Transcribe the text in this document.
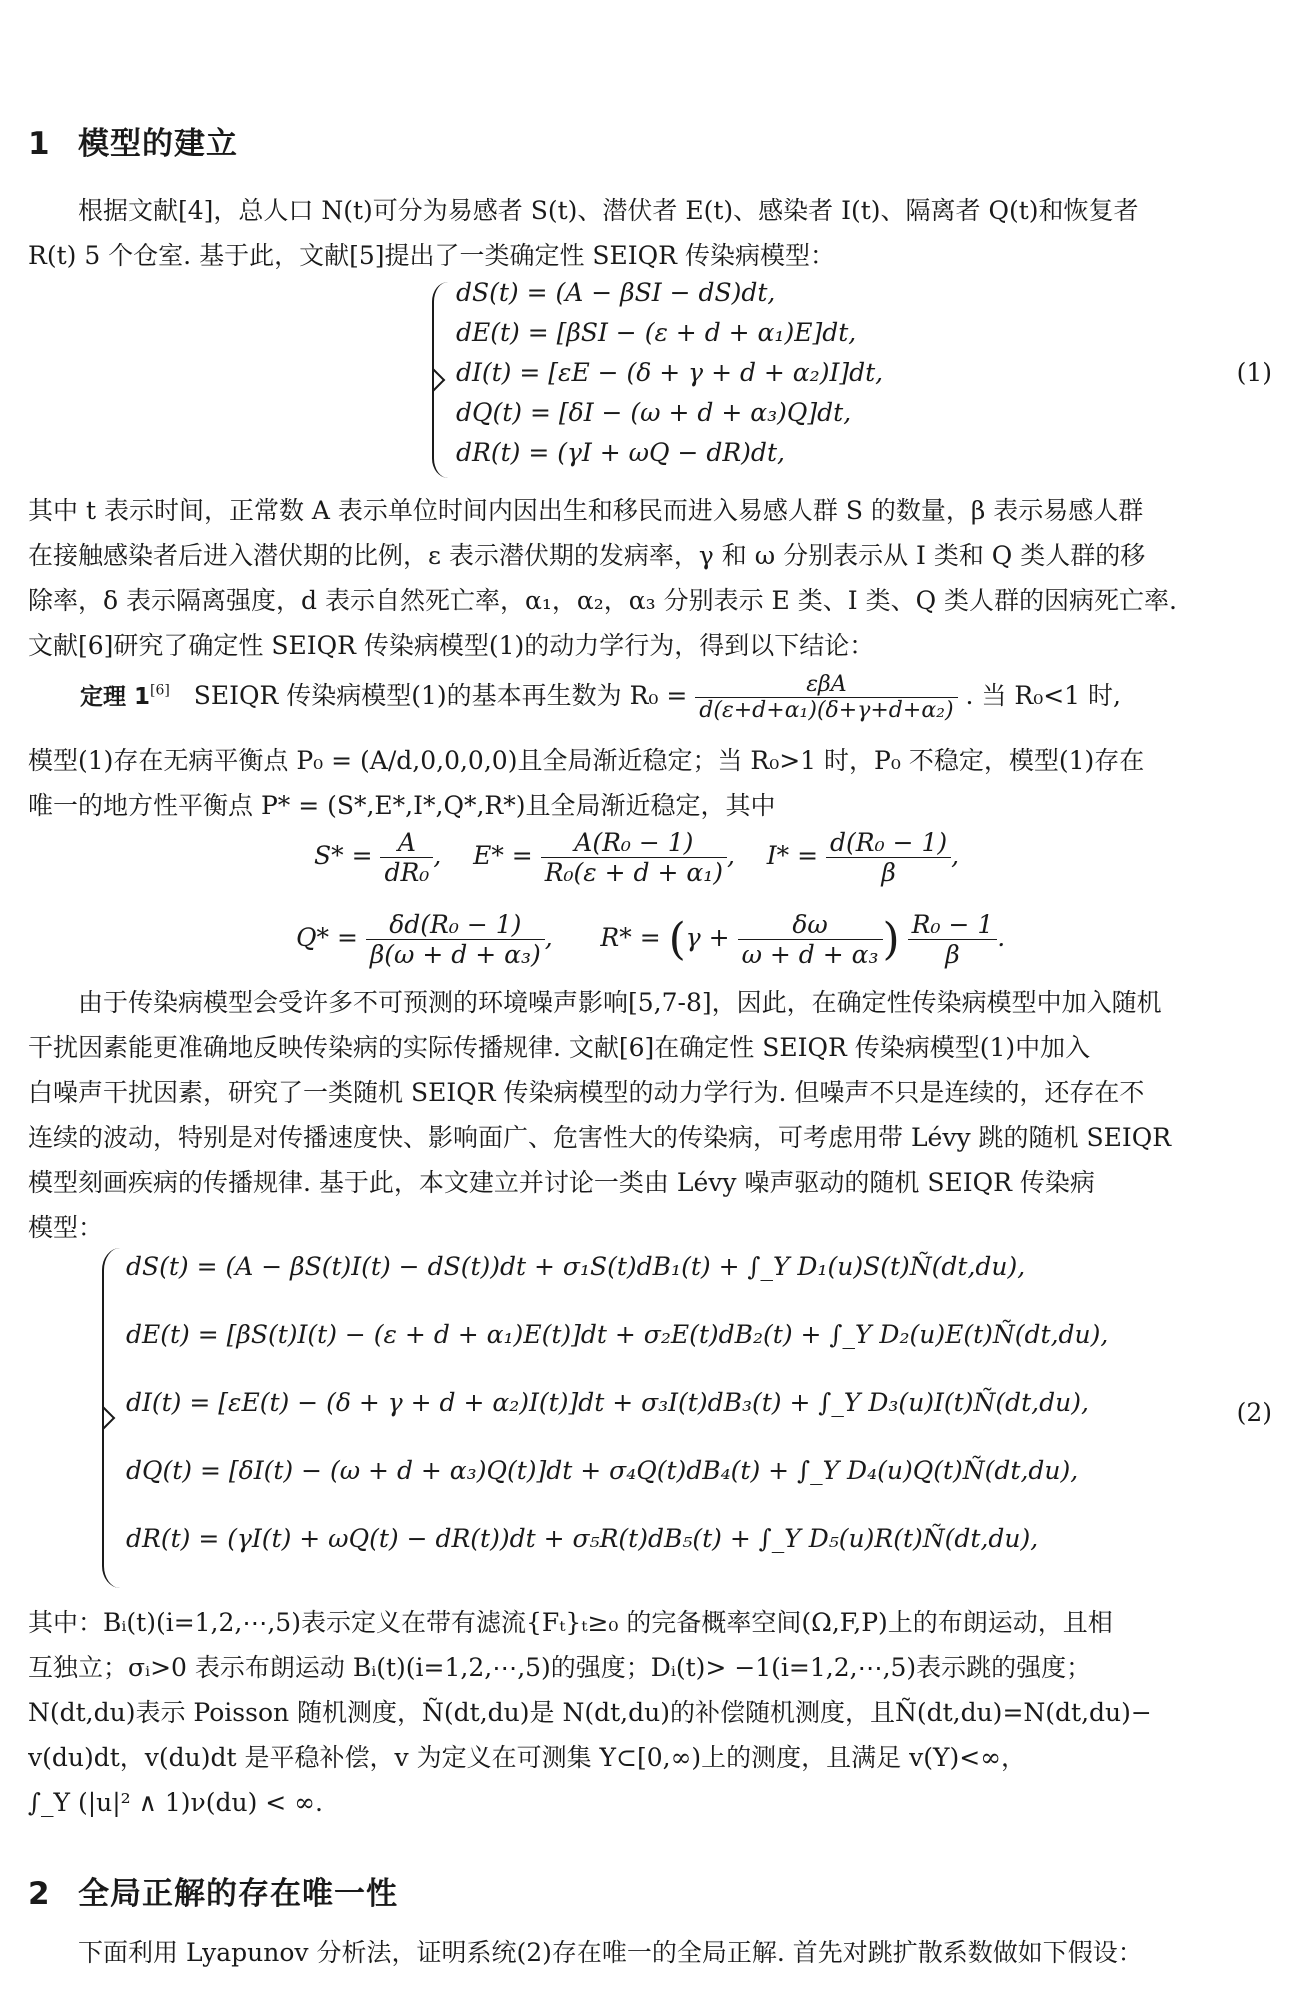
1 模型的建立
根据文献[4]，总人口 N(t)可分为易感者 S(t)、潜伏者 E(t)、感染者 I(t)、隔离者 Q(t)和恢复者
R(t) 5 个仓室. 基于此，文献[5]提出了一类确定性 SEIQR 传染病模型：
dS(t) = (A − βSI − dS)dt,
dE(t) = [βSI − (ε + d + α₁)E]dt,
dI(t) = [εE − (δ + γ + d + α₂)I]dt,
dQ(t) = [δI − (ω + d + α₃)Q]dt,
dR(t) = (γI + ωQ − dR)dt,
(1)
其中 t 表示时间，正常数 A 表示单位时间内因出生和移民而进入易感人群 S 的数量，β 表示易感人群
在接触感染者后进入潜伏期的比例，ε 表示潜伏期的发病率，γ 和 ω 分别表示从 I 类和 Q 类人群的移
除率，δ 表示隔离强度，d 表示自然死亡率，α₁，α₂，α₃ 分别表示 E 类、I 类、Q 类人群的因病死亡率.
文献[6]研究了确定性 SEIQR 传染病模型(1)的动力学行为，得到以下结论：
定理 1[6] SEIQR 传染病模型(1)的基本再生数为 $R_0 = \frac{\text{εβA}}{\text{d(ε+d+α₁)(δ+γ+d+α₂)}}$ . 当 R₀<1 时,
模型(1)存在无病平衡点 P₀ = (A/d,0,0,0,0)且全局渐近稳定；当 R₀>1 时，P₀ 不稳定，模型(1)存在
唯一的地方性平衡点 P* = (S*,E*,I*,Q*,R*)且全局渐近稳定，其中
$S* = \frac{A}{\text{dR₀}}$ ,    $E* = \frac{\text{A(R₀ − 1)}}{\text{R₀(ε + d + α₁)}}$ ,    $I* = \frac{\text{d(R₀ − 1)}}{\beta}$ ,
$Q* = \frac{\text{δd(R₀ − 1)}}{\text{β(ω + d + α₃)}}$ ,      $R* = (\gamma + \frac{\delta\omega}{\text{ω + d + α₃}}$ ) $\frac{\text{R₀ − 1}}{\beta}$ .
由于传染病模型会受许多不可预测的环境噪声影响[5,7-8]，因此，在确定性传染病模型中加入随机
干扰因素能更准确地反映传染病的实际传播规律. 文献[6]在确定性 SEIQR 传染病模型(1)中加入
白噪声干扰因素，研究了一类随机 SEIQR 传染病模型的动力学行为. 但噪声不只是连续的，还存在不
连续的波动，特别是对传播速度快、影响面广、危害性大的传染病，可考虑用带 Lévy 跳的随机 SEIQR
模型刻画疾病的传播规律. 基于此，本文建立并讨论一类由 Lévy 噪声驱动的随机 SEIQR 传染病
模型：
dS(t) = (A − βS(t)I(t) − dS(t))dt + σ₁S(t)dB₁(t) + ∫_Y D₁(u)S(t)Ñ(dt,du),
dE(t) = [βS(t)I(t) − (ε + d + α₁)E(t)]dt + σ₂E(t)dB₂(t) + ∫_Y D₂(u)E(t)Ñ(dt,du),
dI(t) = [εE(t) − (δ + γ + d + α₂)I(t)]dt + σ₃I(t)dB₃(t) + ∫_Y D₃(u)I(t)Ñ(dt,du),
dQ(t) = [δI(t) − (ω + d + α₃)Q(t)]dt + σ₄Q(t)dB₄(t) + ∫_Y D₄(u)Q(t)Ñ(dt,du),
dR(t) = (γI(t) + ωQ(t) − dR(t))dt + σ₅R(t)dB₅(t) + ∫_Y D₅(u)R(t)Ñ(dt,du),
(2)
其中：Bᵢ(t)(i=1,2,⋯,5)表示定义在带有滤流{Fₜ}ₜ≥₀ 的完备概率空间(Ω,F,P)上的布朗运动，且相
互独立；σᵢ>0 表示布朗运动 Bᵢ(t)(i=1,2,⋯,5)的强度；Dᵢ(t)> −1(i=1,2,⋯,5)表示跳的强度；
N(dt,du)表示 Poisson 随机测度，Ñ(dt,du)是 N(dt,du)的补偿随机测度，且Ñ(dt,du)=N(dt,du)−
v(du)dt，v(du)dt 是平稳补偿，v 为定义在可测集 Y⊂[0,∞)上的测度，且满足 v(Y)<∞，
∫_Y (|u|² ∧ 1)ν(du) < ∞.
2 全局正解的存在唯一性
下面利用 Lyapunov 分析法，证明系统(2)存在唯一的全局正解. 首先对跳扩散系数做如下假设：
